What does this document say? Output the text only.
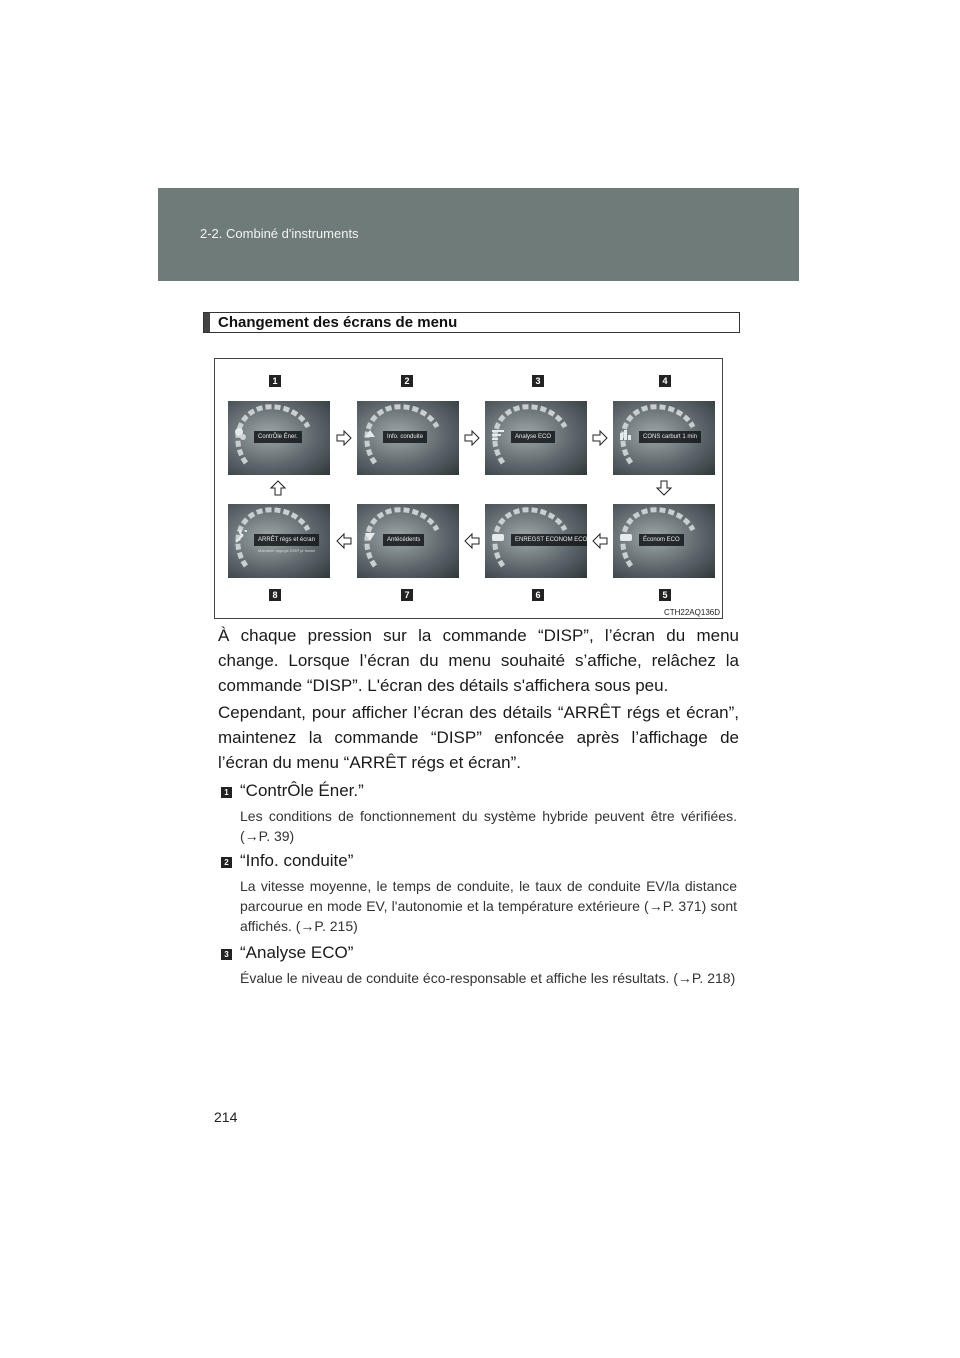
2-2. Combiné d'instruments
Changement des écrans de menu
1	2	3	4
ContrÔle Éner.	Info. conduite	Analyse ECO	CONS carburt 1 min
ARRÊT régs et écran
Maintenir appuyé DISP pr écran
Antécédents	ENREGST ECONOM ECO	Économ ECO
8	7	6	5
CTH22AQ136D

À chaque pression sur la commande “DISP”, l’écran du menu change. Lorsque l’écran du menu souhaité s’affiche, relâchez la commande “DISP”. L'écran des détails s'affichera sous peu.

Cependant, pour afficher l’écran des détails “ARRÊT régs et écran”, maintenez la commande “DISP” enfoncée après l’affichage de l’écran du menu “ARRÊT régs et écran”.

1 “ContrÔle Éner.”

Les conditions de fonctionnement du système hybride peuvent être vérifiées. (→P. 39)

2 “Info. conduite”

La vitesse moyenne, le temps de conduite, le taux de conduite EV/la distance parcourue en mode EV, l'autonomie et la température extérieure (→P. 371) sont affichés. (→P. 215)

3 “Analyse ECO”

Évalue le niveau de conduite éco-responsable et affiche les résultats. (→P. 218)

214
